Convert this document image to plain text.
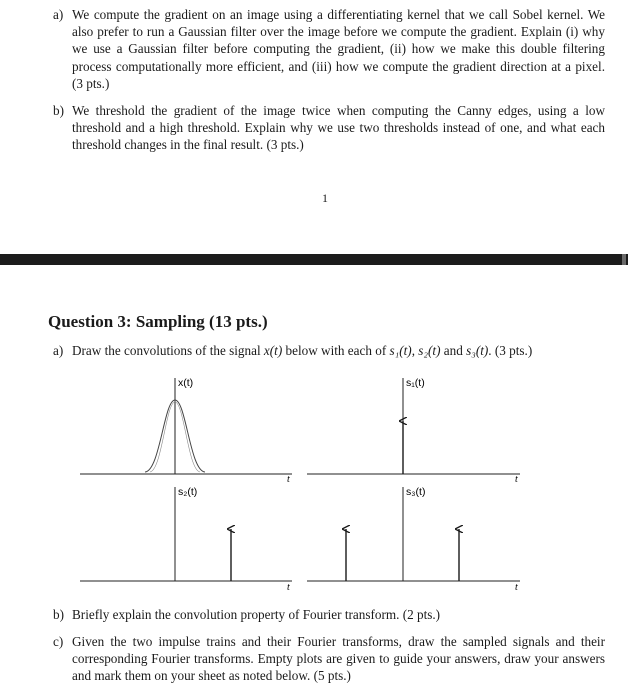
a) We compute the gradient on an image using a differentiating kernel that we call Sobel kernel. We also prefer to run a Gaussian filter over the image before we compute the gradient. Explain (i) why we use a Gaussian filter before computing the gradient, (ii) how we make this double filtering process computationally more efficient, and (iii) how we compute the gradient direction at a pixel. (3 pts.)
b) We threshold the gradient of the image twice when computing the Canny edges, using a low threshold and a high threshold. Explain why we use two thresholds instead of one, and what each threshold changes in the final result. (3 pts.)
1
Question 3: Sampling (13 pts.)
a) Draw the convolutions of the signal x(t) below with each of s₁(t), s₂(t) and s₃(t). (3 pts.)
x(t)
t
s₁(t)
t
s₂(t)
t
s₃(t)
t
b) Briefly explain the convolution property of Fourier transform. (2 pts.)
c) Given the two impulse trains and their Fourier transforms, draw the sampled signals and their corresponding Fourier transforms. Empty plots are given to guide your answers, draw your answers and mark them on your sheet as noted below. (5 pts.)
